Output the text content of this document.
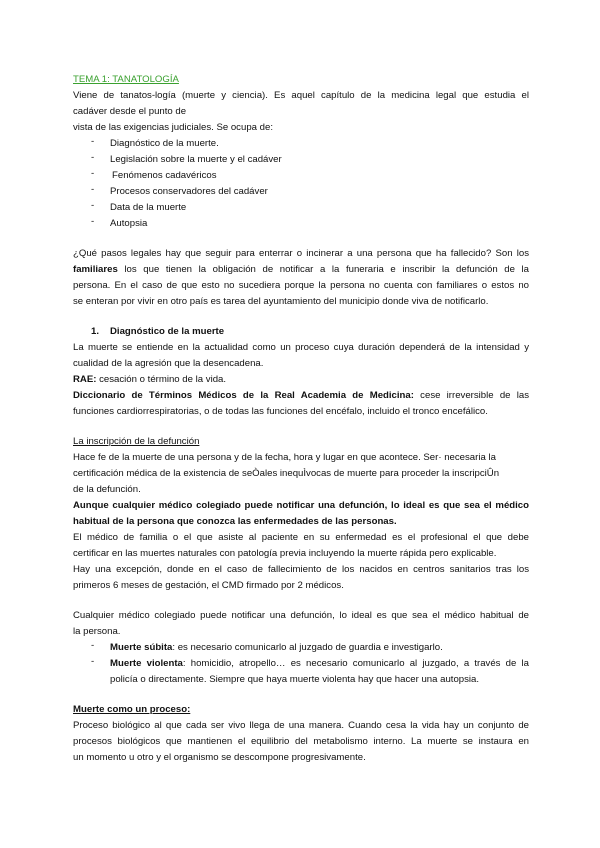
TEMA 1: TANATOLOGÍA
Viene de tanatos-logía (muerte y ciencia). Es aquel capítulo de la medicina legal que estudia el
cadáver desde el punto de
vista de las exigencias judiciales. Se ocupa de:
- Diagnóstico de la muerte.
- Legislación sobre la muerte y el cadáver
- Fenómenos cadavéricos
- Procesos conservadores del cadáver
- Data de la muerte
- Autopsia
¿Qué pasos legales hay que seguir para enterrar o incinerar a una persona que ha fallecido? Son los
familiares los que tienen la obligación de notificar a la funeraria e inscribir la defunción de la
persona. En el caso de que esto no sucediera porque la persona no cuenta con familiares o estos no
se enteran por vivir en otro país es tarea del ayuntamiento del municipio donde viva de notificarlo.
1. Diagnóstico de la muerte
La muerte se entiende en la actualidad como un proceso cuya duración dependerá de la intensidad y
cualidad de la agresión que la desencadena.
RAE: cesación o término de la vida.
Diccionario de Términos Médicos de la Real Academia de Medicina: cese irreversible de las
funciones cardiorrespiratorias, o de todas las funciones del encéfalo, incluido el tronco encefálico.
La inscripción de la defunción
Hace fe de la muerte de una persona y de la fecha, hora y lugar en que acontece. Ser· necesaria la
certificación médica de la existencia de seÒales inequÌvocas de muerte para proceder la inscripciÛn
de la defunción.
Aunque cualquier médico colegiado puede notificar una defunción, lo ideal es que sea el médico
habitual de la persona que conozca las enfermedades de las personas.
El médico de familia o el que asiste al paciente en su enfermedad es el profesional el que debe
certificar en las muertes naturales con patología previa incluyendo la muerte rápida pero explicable.
Hay una excepción, donde en el caso de fallecimiento de los nacidos en centros sanitarios tras los
primeros 6 meses de gestación, el CMD firmado por 2 médicos.
Cualquier médico colegiado puede notificar una defunción, lo ideal es que sea el médico habitual de
la persona.
- Muerte súbita: es necesario comunicarlo al juzgado de guardia e investigarlo.
- Muerte violenta: homicidio, atropello… es necesario comunicarlo al juzgado, a través de la
policía o directamente. Siempre que haya muerte violenta hay que hacer una autopsia.
Muerte como un proceso:
Proceso biológico al que cada ser vivo llega de una manera. Cuando cesa la vida hay un conjunto de
procesos biológicos que mantienen el equilibrio del metabolismo interno. La muerte se instaura en
un momento u otro y el organismo se descompone progresivamente.
